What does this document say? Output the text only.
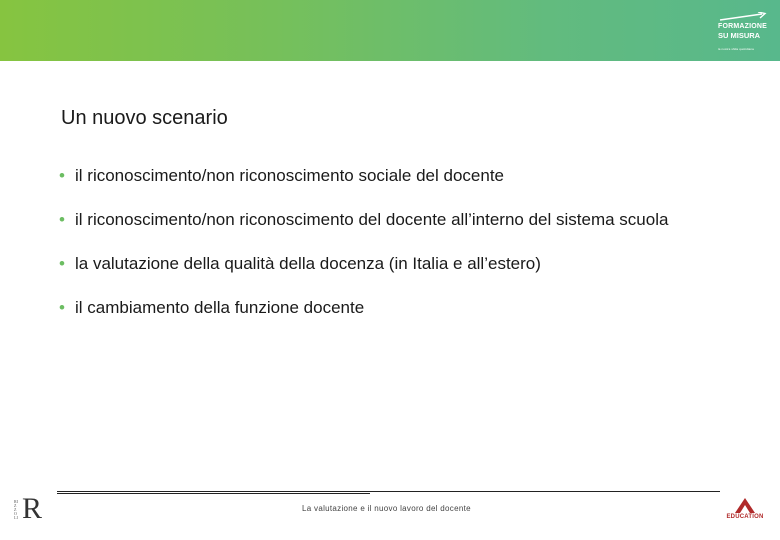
FORMAZIONE
SU MISURA
la nostra sfida quotidiana
Un nuovo scenario
• il riconoscimento/non riconoscimento sociale del docente
• il riconoscimento/non riconoscimento del docente all’interno del sistema scuola
• la valutazione della qualità della docenza (in Italia e all’estero)
• il cambiamento della funzione docente
La valutazione e il nuovo lavoro del docente
RIZZOLI R	EDUCATION
